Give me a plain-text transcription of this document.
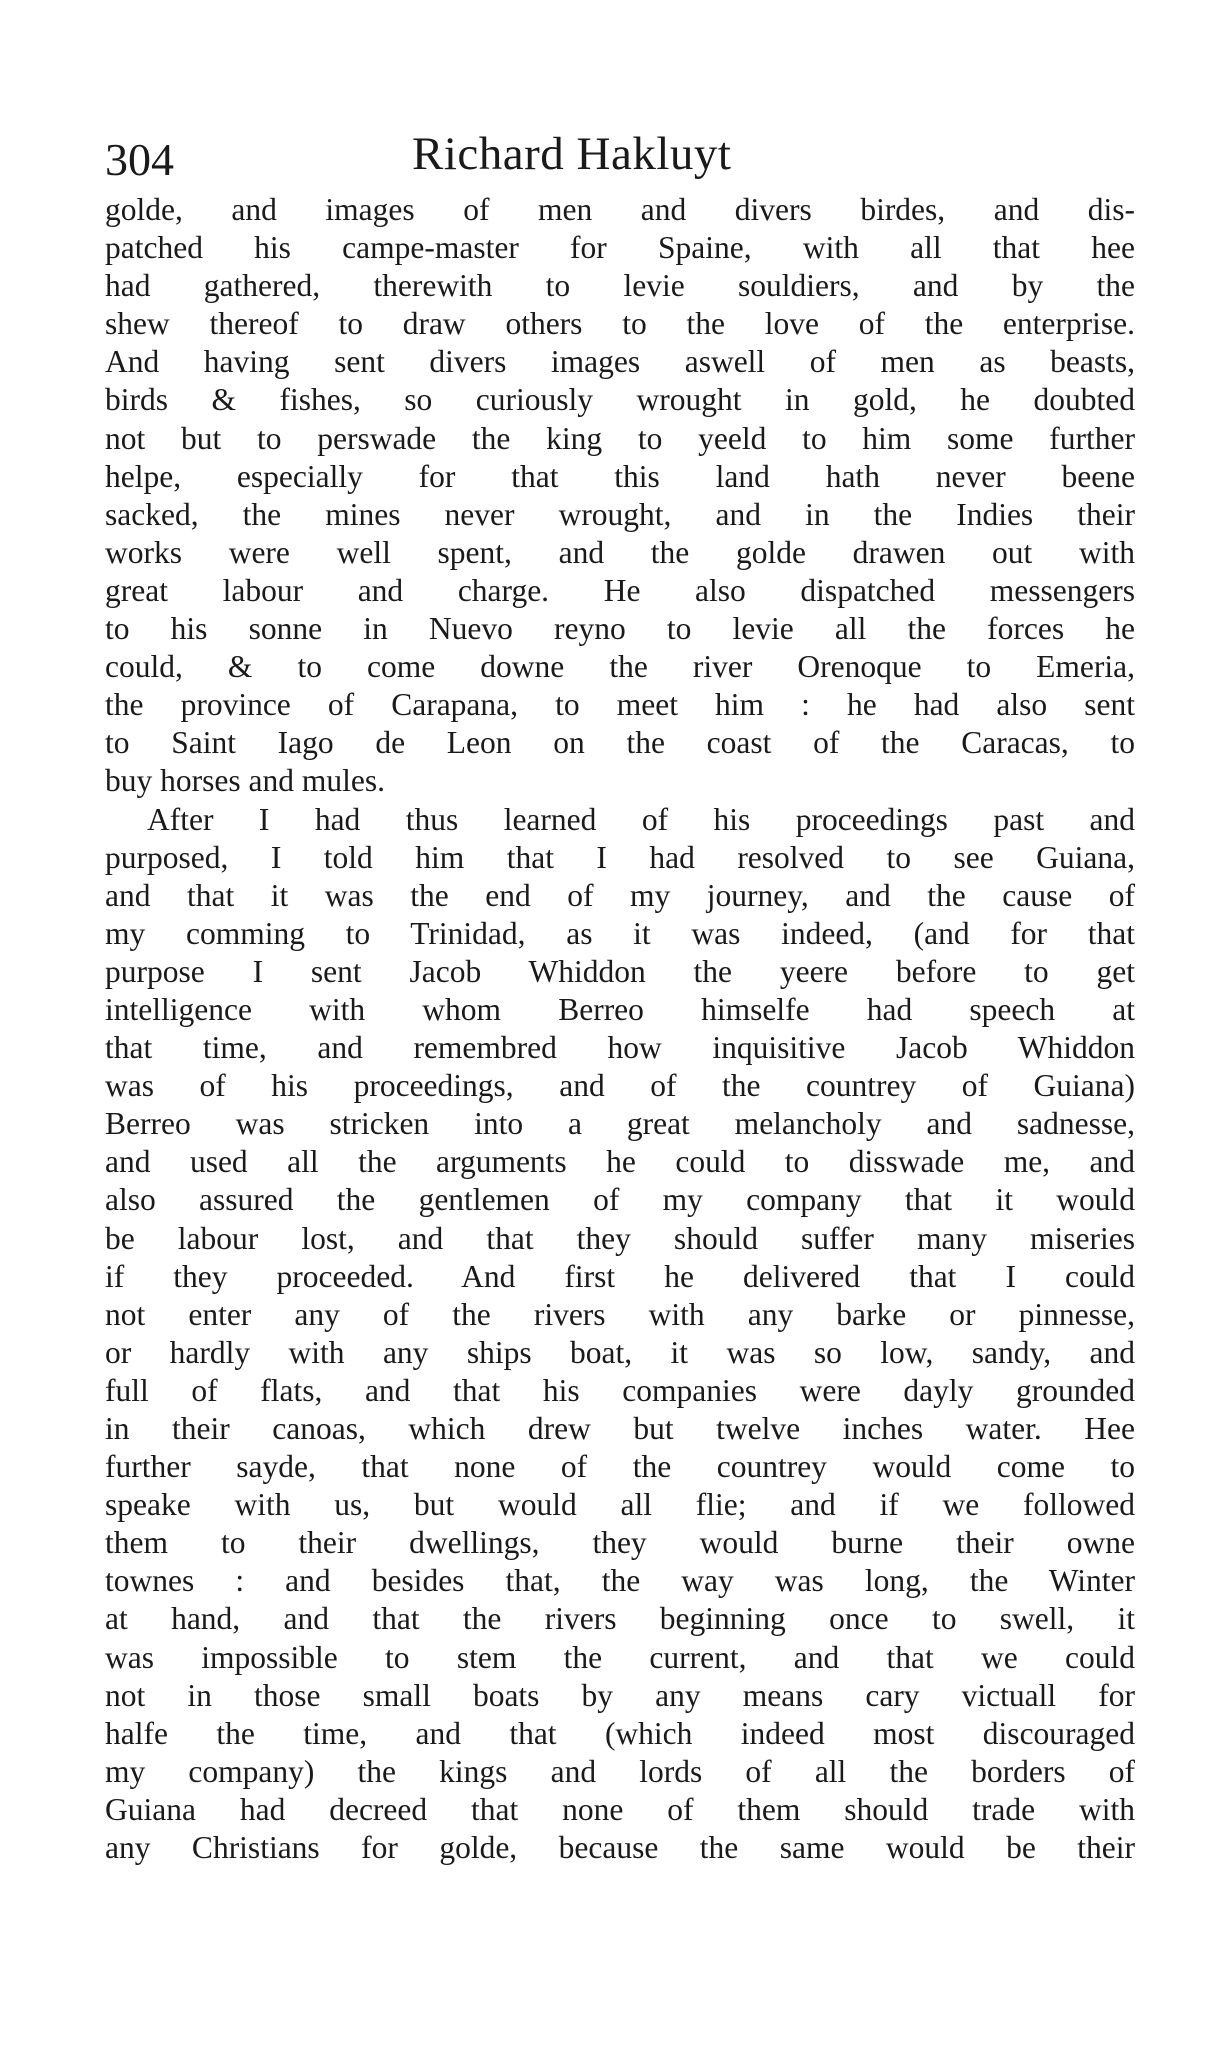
304	Richard Hakluyt
golde, and images of men and divers birdes, and dis-
patched his campe-master for Spaine, with all that hee
had gathered, therewith to levie souldiers, and by the
shew thereof to draw others to the love of the enterprise.
And having sent divers images aswell of men as beasts,
birds & fishes, so curiously wrought in gold, he doubted
not but to perswade the king to yeeld to him some further
helpe, especially for that this land hath never beene
sacked, the mines never wrought, and in the Indies their
works were well spent, and the golde drawen out with
great labour and charge. He also dispatched messengers
to his sonne in Nuevo reyno to levie all the forces he
could, & to come downe the river Orenoque to Emeria,
the province of Carapana, to meet him : he had also sent
to Saint Iago de Leon on the coast of the Caracas, to
buy horses and mules.
After I had thus learned of his proceedings past and
purposed, I told him that I had resolved to see Guiana,
and that it was the end of my journey, and the cause of
my comming to Trinidad, as it was indeed, (and for that
purpose I sent Jacob Whiddon the yeere before to get
intelligence with whom Berreo himselfe had speech at
that time, and remembred how inquisitive Jacob Whiddon
was of his proceedings, and of the countrey of Guiana)
Berreo was stricken into a great melancholy and sadnesse,
and used all the arguments he could to disswade me, and
also assured the gentlemen of my company that it would
be labour lost, and that they should suffer many miseries
if they proceeded. And first he delivered that I could
not enter any of the rivers with any barke or pinnesse,
or hardly with any ships boat, it was so low, sandy, and
full of flats, and that his companies were dayly grounded
in their canoas, which drew but twelve inches water. Hee
further sayde, that none of the countrey would come to
speake with us, but would all flie; and if we followed
them to their dwellings, they would burne their owne
townes : and besides that, the way was long, the Winter
at hand, and that the rivers beginning once to swell, it
was impossible to stem the current, and that we could
not in those small boats by any means cary victuall for
halfe the time, and that (which indeed most discouraged
my company) the kings and lords of all the borders of
Guiana had decreed that none of them should trade with
any Christians for golde, because the same would be their
